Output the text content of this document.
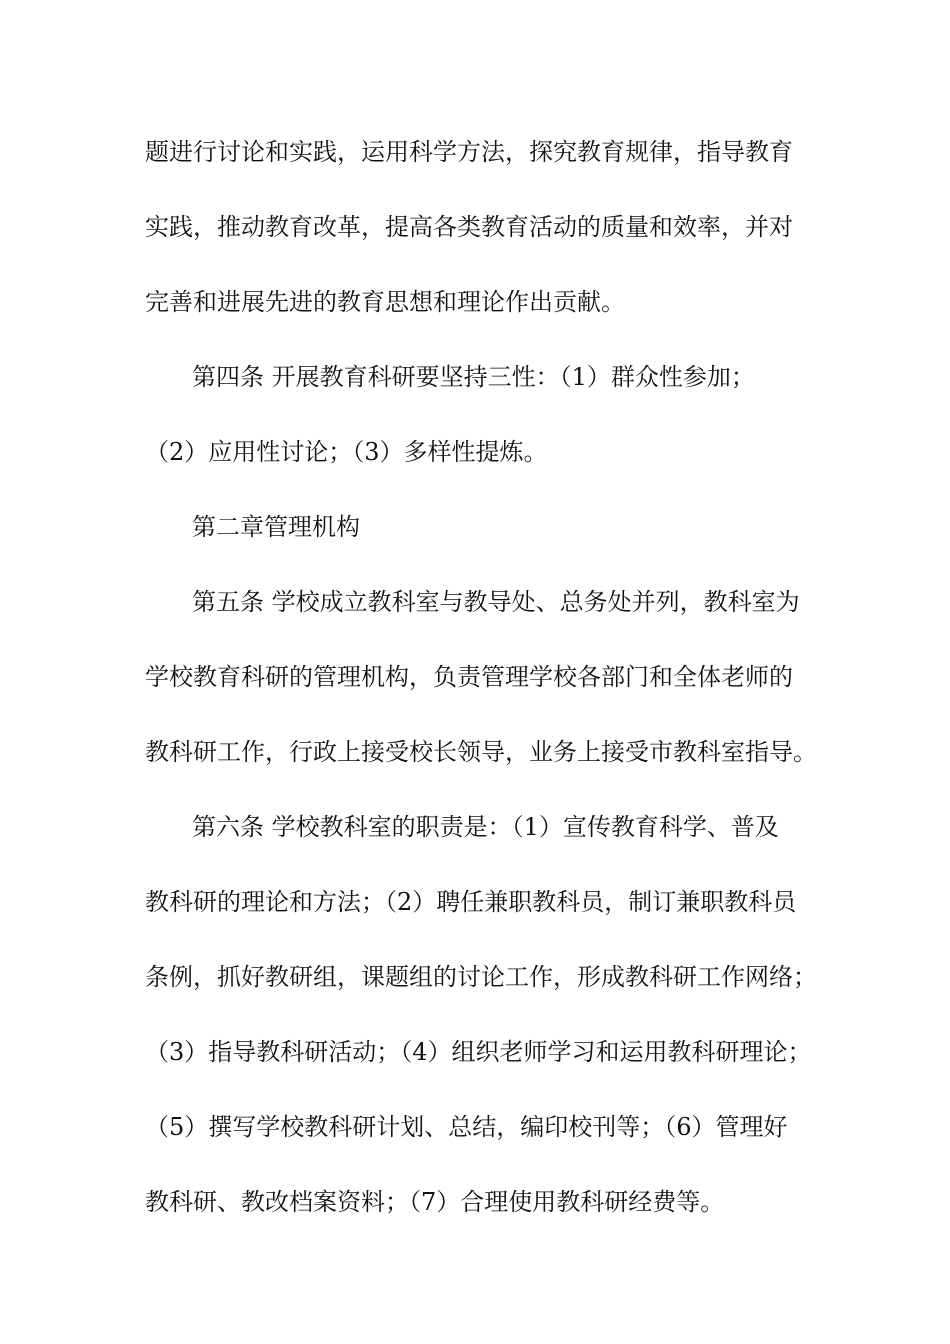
题进行讨论和实践，运用科学方法，探究教育规律，指导教育
实践，推动教育改革，提高各类教育活动的质量和效率，并对
完善和进展先进的教育思想和理论作出贡献。
第四条 开展教育科研要坚持三性：（1）群众性参加；
（2）应用性讨论；（3）多样性提炼。
第二章管理机构
第五条 学校成立教科室与教导处、总务处并列，教科室为
学校教育科研的管理机构，负责管理学校各部门和全体老师的
教科研工作，行政上接受校长领导，业务上接受市教科室指导。
第六条 学校教科室的职责是：（1）宣传教育科学、普及
教科研的理论和方法；（2）聘任兼职教科员，制订兼职教科员
条例，抓好教研组，课题组的讨论工作，形成教科研工作网络；
（3）指导教科研活动；（4）组织老师学习和运用教科研理论；
（5）撰写学校教科研计划、总结，编印校刊等；（6）管理好
教科研、教改档案资料；（7）合理使用教科研经费等。
